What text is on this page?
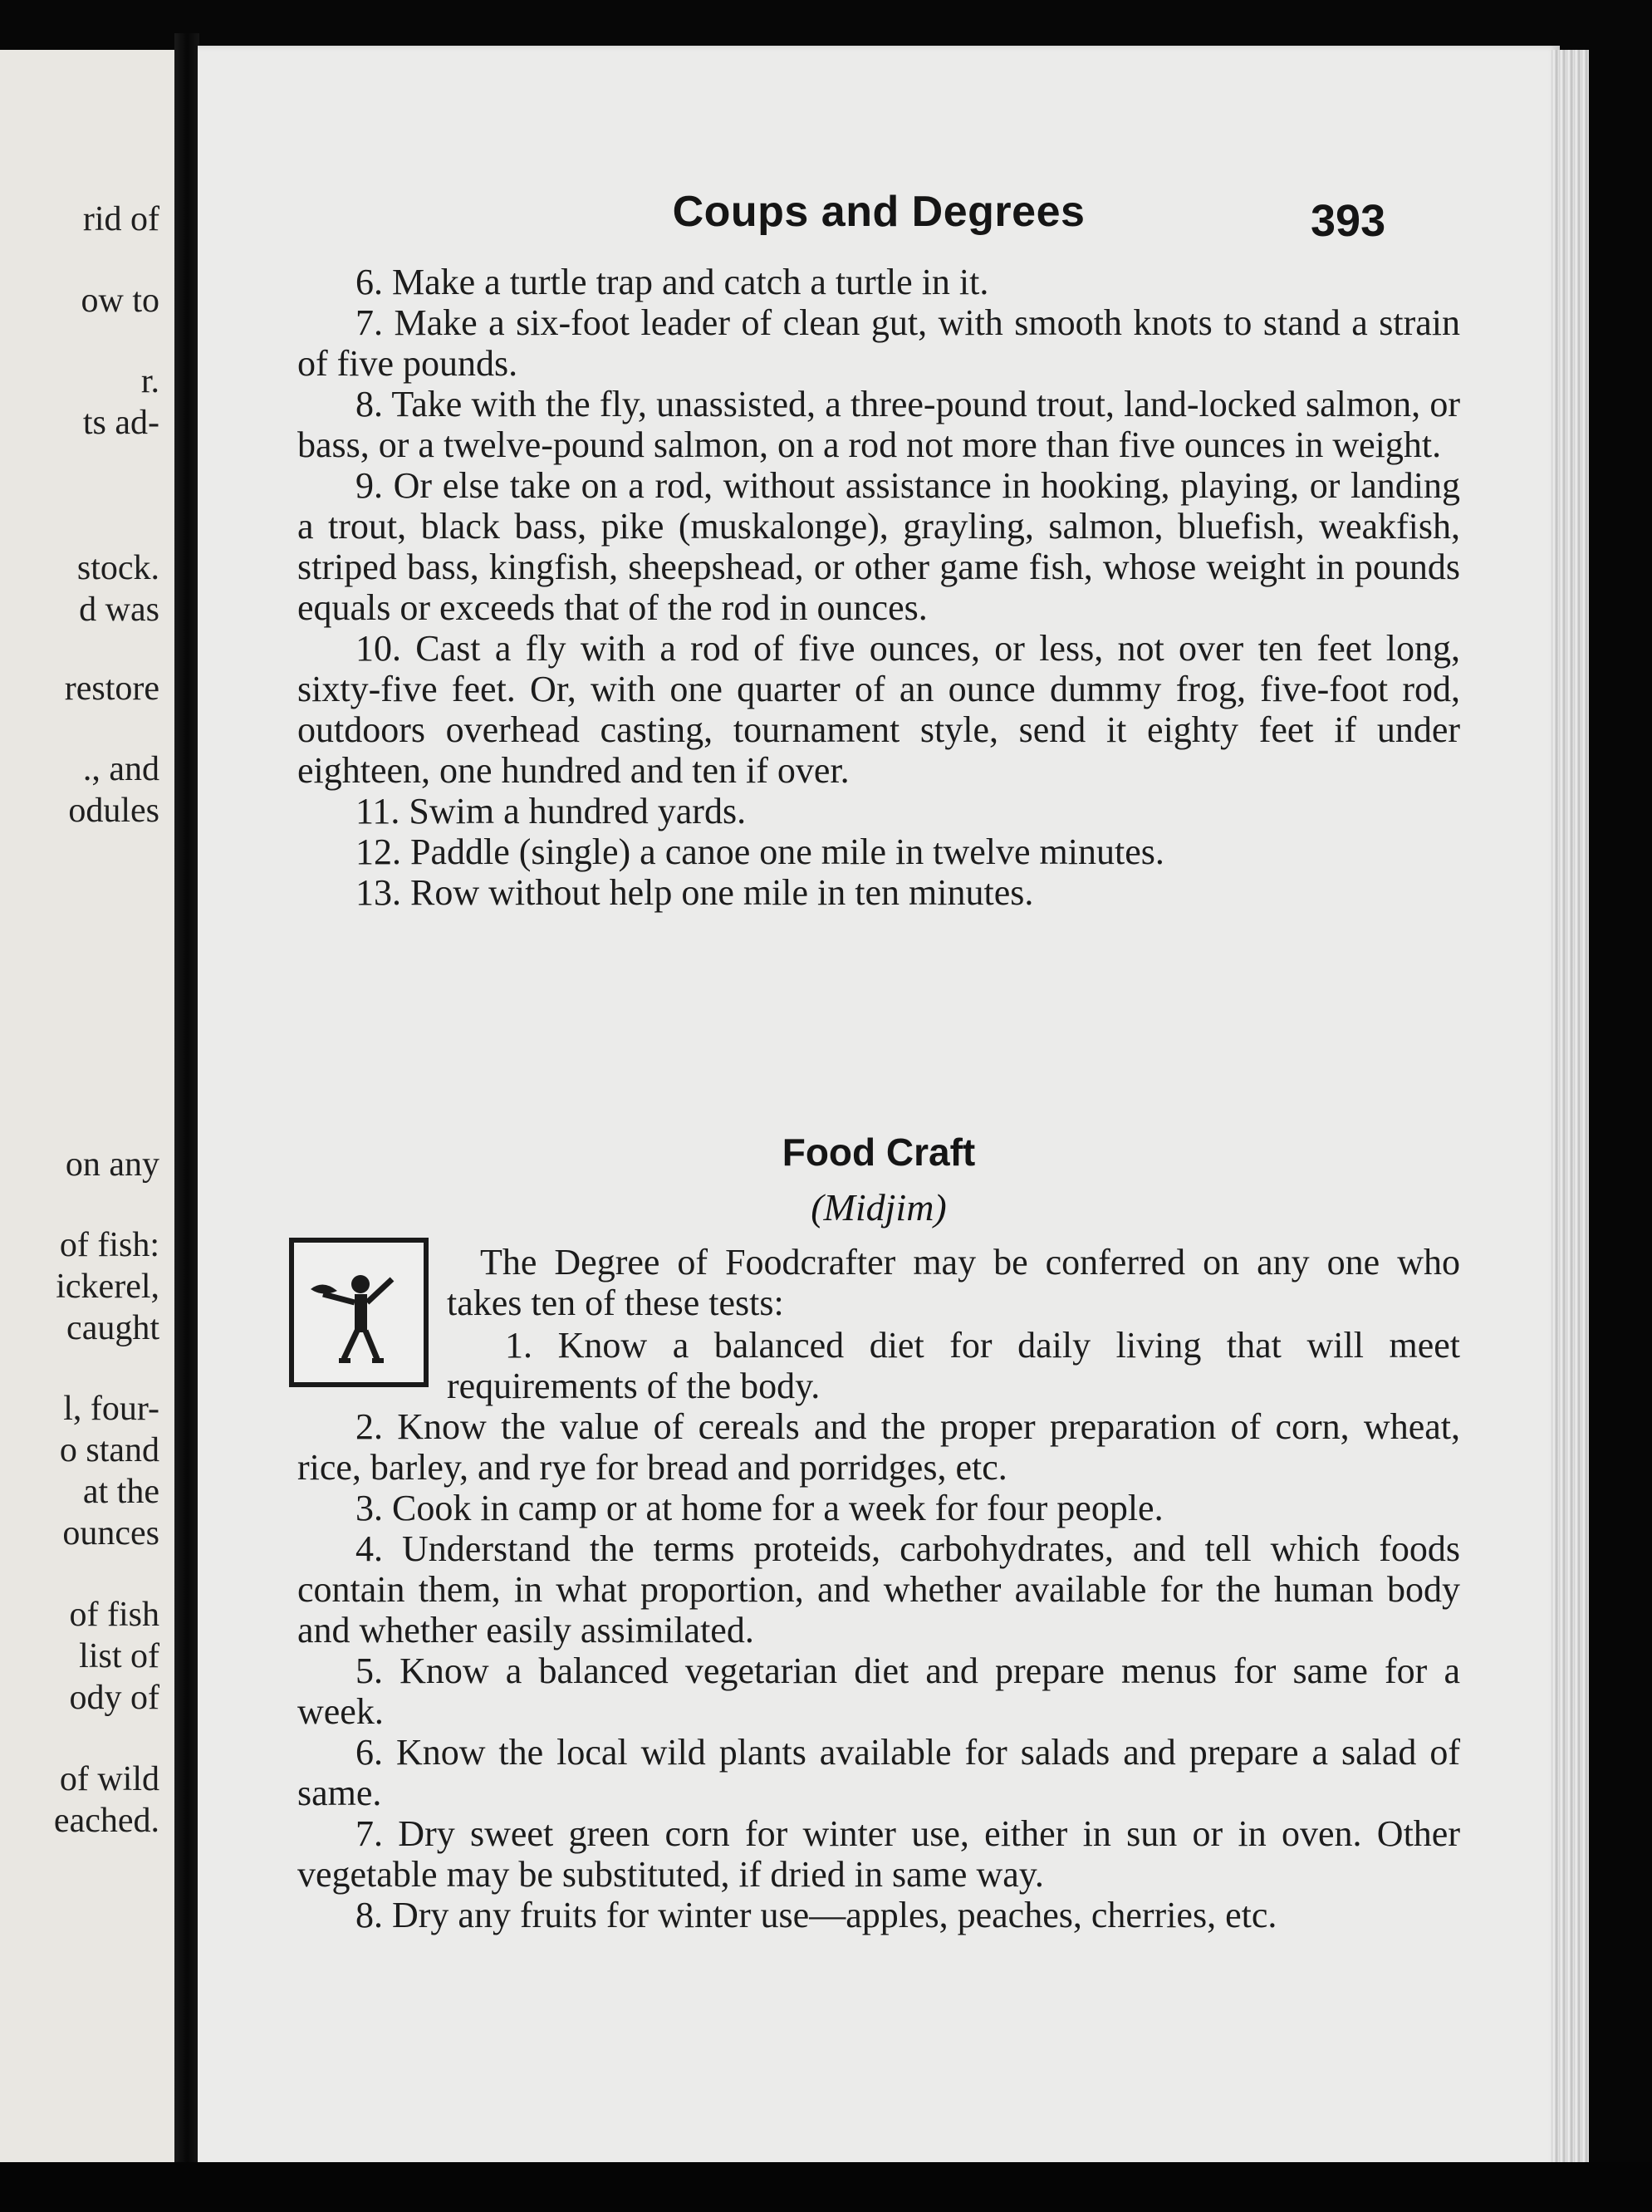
rid of
ow to
r.
ts ad-
stock.
d was
restore
., and
odules
on any
of fish:
ickerel,
caught
l, four-
o stand
at the
ounces
of fish
list of
ody of
of wild
eached.
Coups and Degrees	393

6. Make a turtle trap and catch a turtle in it.

7. Make a six-foot leader of clean gut, with smooth knots to stand a strain of five pounds.

8. Take with the fly, unassisted, a three-pound trout, land-locked salmon, or bass, or a twelve-pound salmon, on a rod not more than five ounces in weight.

9. Or else take on a rod, without assistance in hooking, playing, or landing a trout, black bass, pike (muskalonge), grayling, salmon, bluefish, weakfish, striped bass, kingfish, sheepshead, or other game fish, whose weight in pounds equals or exceeds that of the rod in ounces.

10. Cast a fly with a rod of five ounces, or less, not over ten feet long, sixty-five feet. Or, with one quarter of an ounce dummy frog, five-foot rod, outdoors overhead casting, tournament style, send it eighty feet if under eighteen, one hundred and ten if over.

11. Swim a hundred yards.

12. Paddle (single) a canoe one mile in twelve minutes.

13. Row without help one mile in ten minutes.

Food Craft
(Midjim)

The Degree of Foodcrafter may be conferred on any one who takes ten of these tests:

1. Know a balanced diet for daily living that will meet requirements of the body.

2. Know the value of cereals and the proper preparation of corn, wheat, rice, barley, and rye for bread and porridges, etc.

3. Cook in camp or at home for a week for four people.

4. Understand the terms proteids, carbohydrates, and tell which foods contain them, in what proportion, and whether available for the human body and whether easily assimilated.

5. Know a balanced vegetarian diet and prepare menus for same for a week.

6. Know the local wild plants available for salads and prepare a salad of same.

7. Dry sweet green corn for winter use, either in sun or in oven. Other vegetable may be substituted, if dried in same way.

8. Dry any fruits for winter use—apples, peaches, cherries, etc.
